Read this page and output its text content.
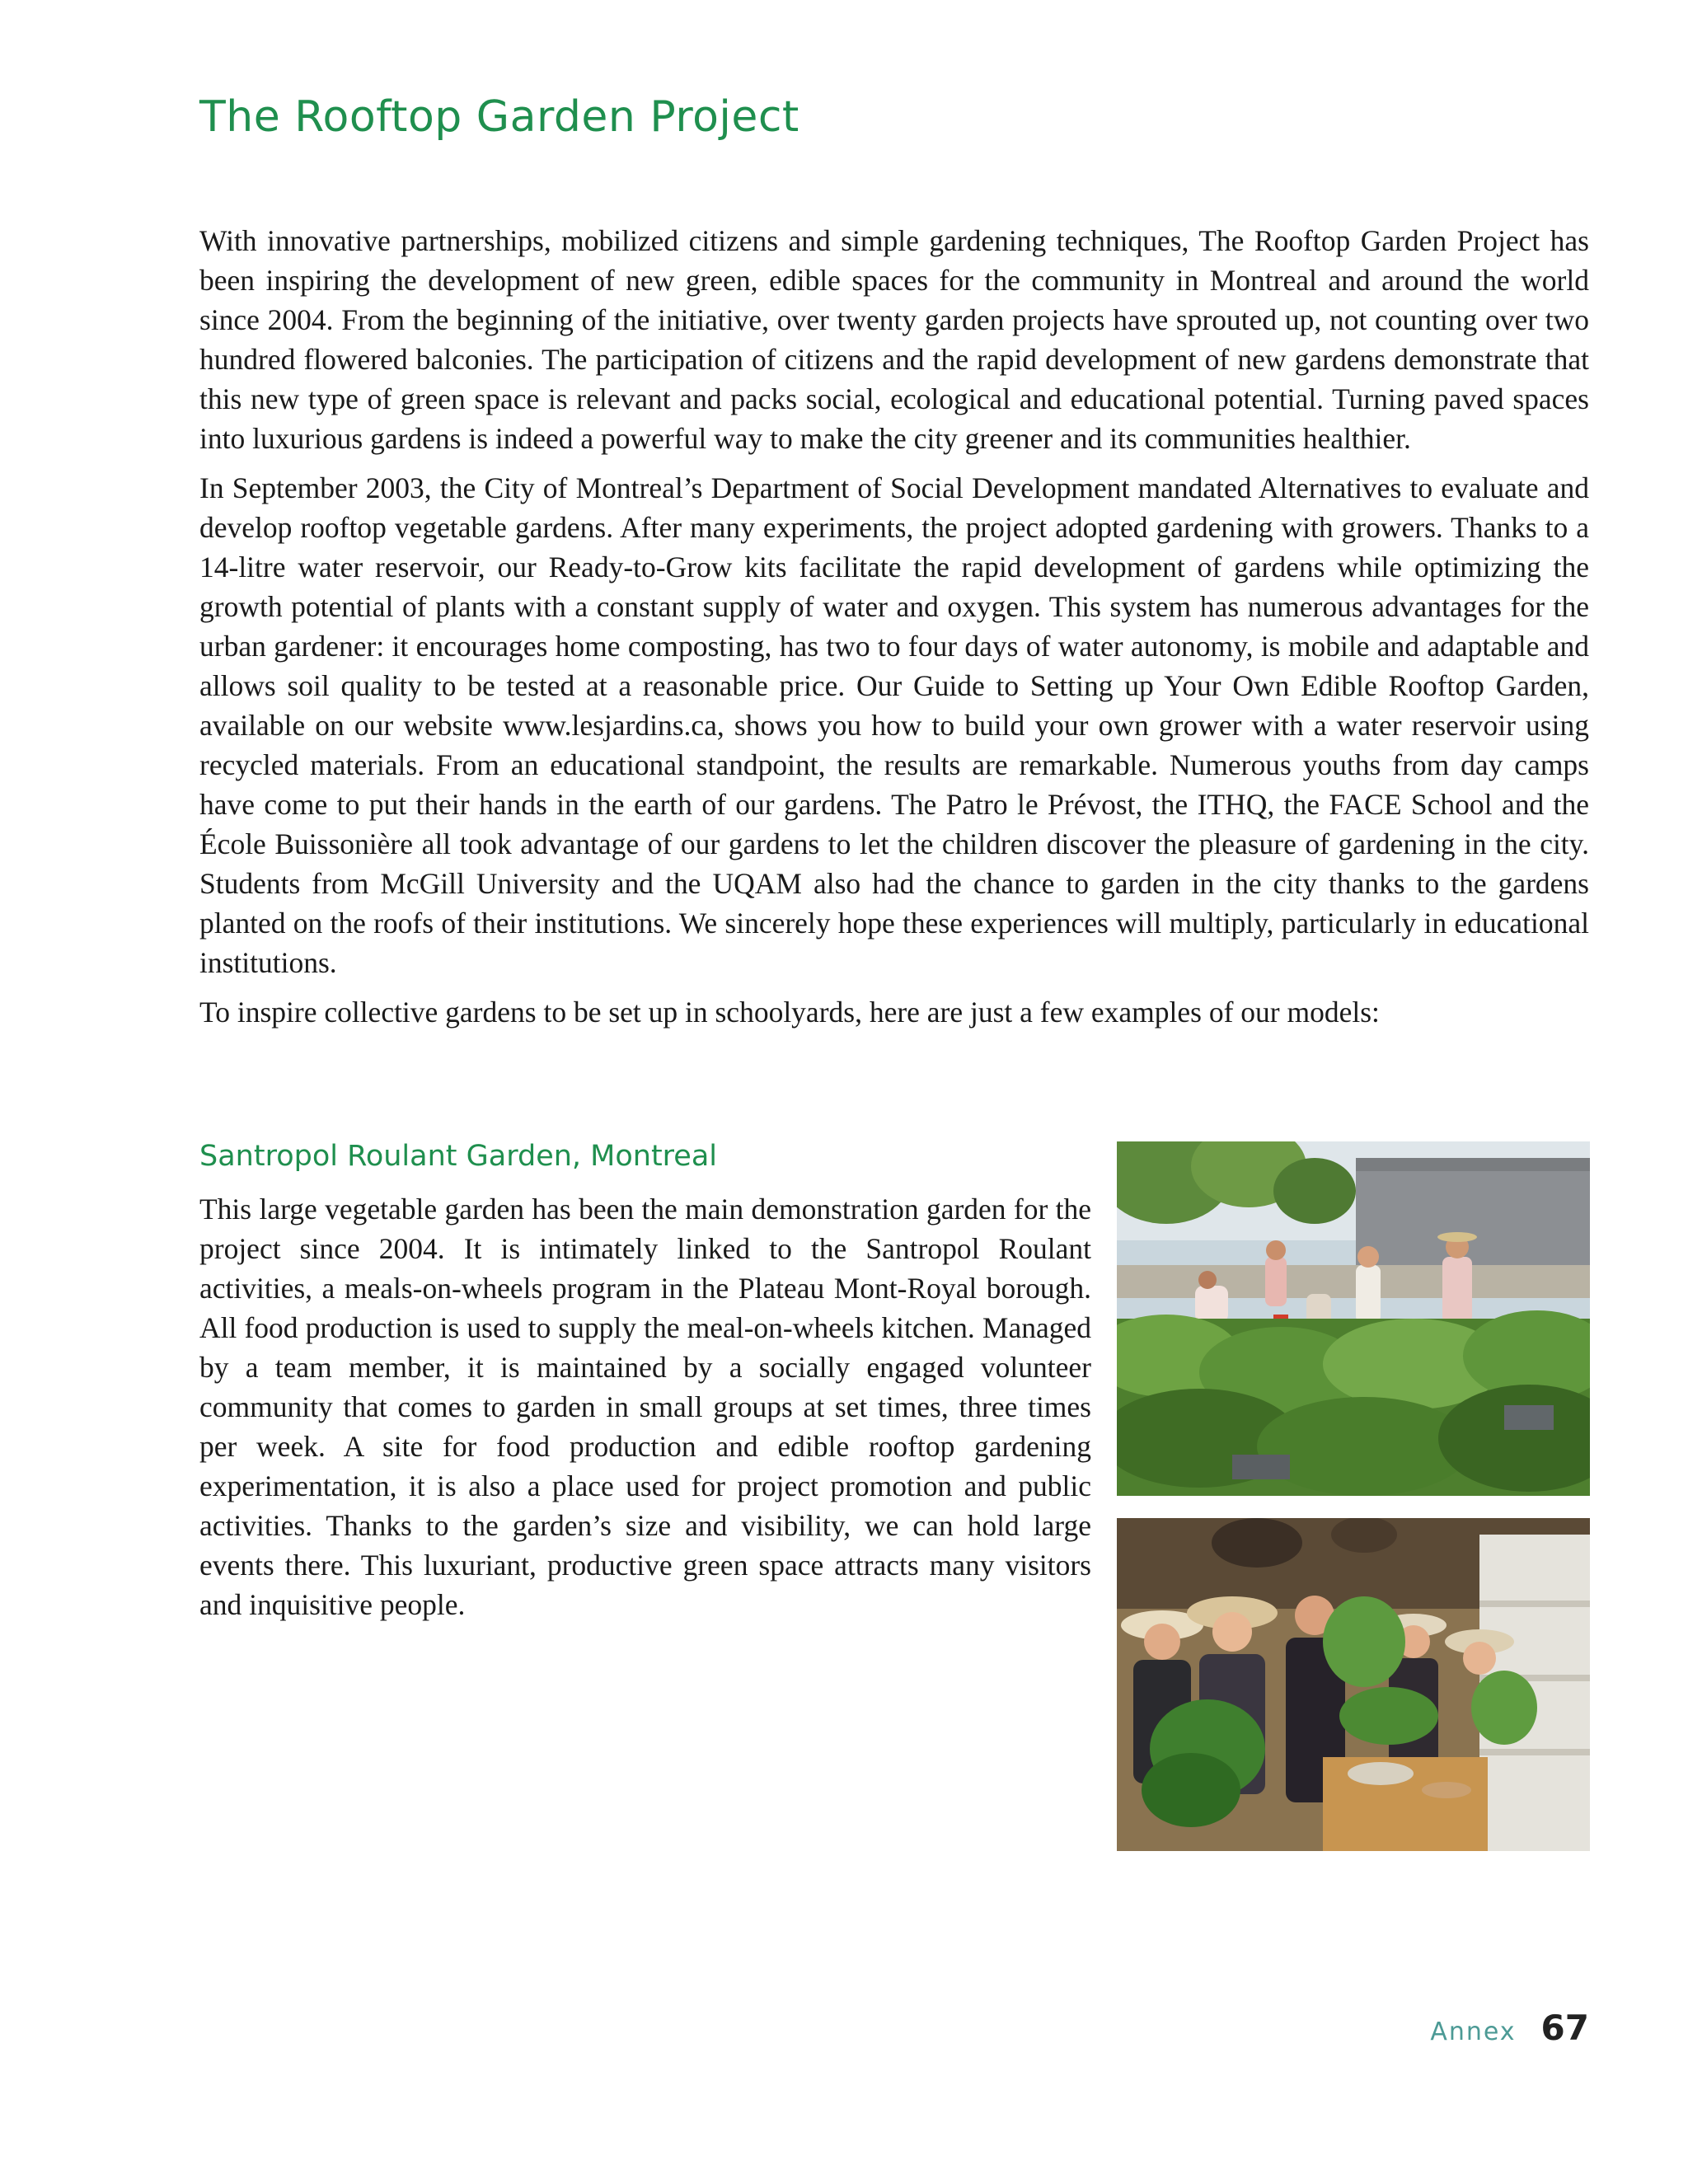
The Rooftop Garden Project

With innovative partnerships, mobilized citizens and simple gardening techniques, The Rooftop Garden Project has been inspiring the development of new green, edible spaces for the community in Montreal and around the world since 2004. From the beginning of the initiative, over twenty garden projects have sprouted up, not counting over two hundred flowered balconies. The participation of citizens and the rapid development of new gardens demonstrate that this new type of green space is relevant and packs social, ecological and educational potential. Turning paved spaces into luxurious gardens is indeed a powerful way to make the city greener and its communities healthier.

In September 2003, the City of Montreal’s Department of Social Development mandated Alternatives to evaluate and develop rooftop vegetable gardens. After many experiments, the project adopted gardening with growers. Thanks to a 14-litre water reservoir, our Ready-to-Grow kits facilitate the rapid development of gardens while optimizing the growth potential of plants with a constant supply of water and oxygen. This system has numerous advantages for the urban gardener: it encourages home composting, has two to four days of water autonomy, is mobile and adaptable and allows soil quality to be tested at a reasonable price. Our Guide to Setting up Your Own Edible Rooftop Garden, available on our website www.lesjardins.ca, shows you how to build your own grower with a water reservoir using recycled materials. From an educational standpoint, the results are remarkable. Numerous youths from day camps have come to put their hands in the earth of our gardens. The Patro le Prévost, the ITHQ, the FACE School and the École Buissonière all took advantage of our gardens to let the children discover the pleasure of gardening in the city. Students from McGill University and the UQAM also had the chance to garden in the city thanks to the gardens planted on the roofs of their institutions. We sincerely hope these experiences will multiply, particularly in educational institutions.

To inspire collective gardens to be set up in schoolyards, here are just a few examples of our models:

Santropol Roulant Garden, Montreal

This large vegetable garden has been the main demonstration garden for the project since 2004. It is intimately linked to the Santropol Roulant activities, a meals-on-wheels program in the Plateau Mont-Royal borough. All food production is used to supply the meal-on-wheels kitchen. Managed by a team member, it is maintained by a socially engaged volunteer community that comes to garden in small groups at set times, three times per week. A site for food production and edible rooftop gardening experimentation, it is also a place used for project promotion and public activities. Thanks to the garden’s size and visibility, we can hold large events there. This luxuriant, productive green space attracts many visitors and inquisitive people.

Annex 67
